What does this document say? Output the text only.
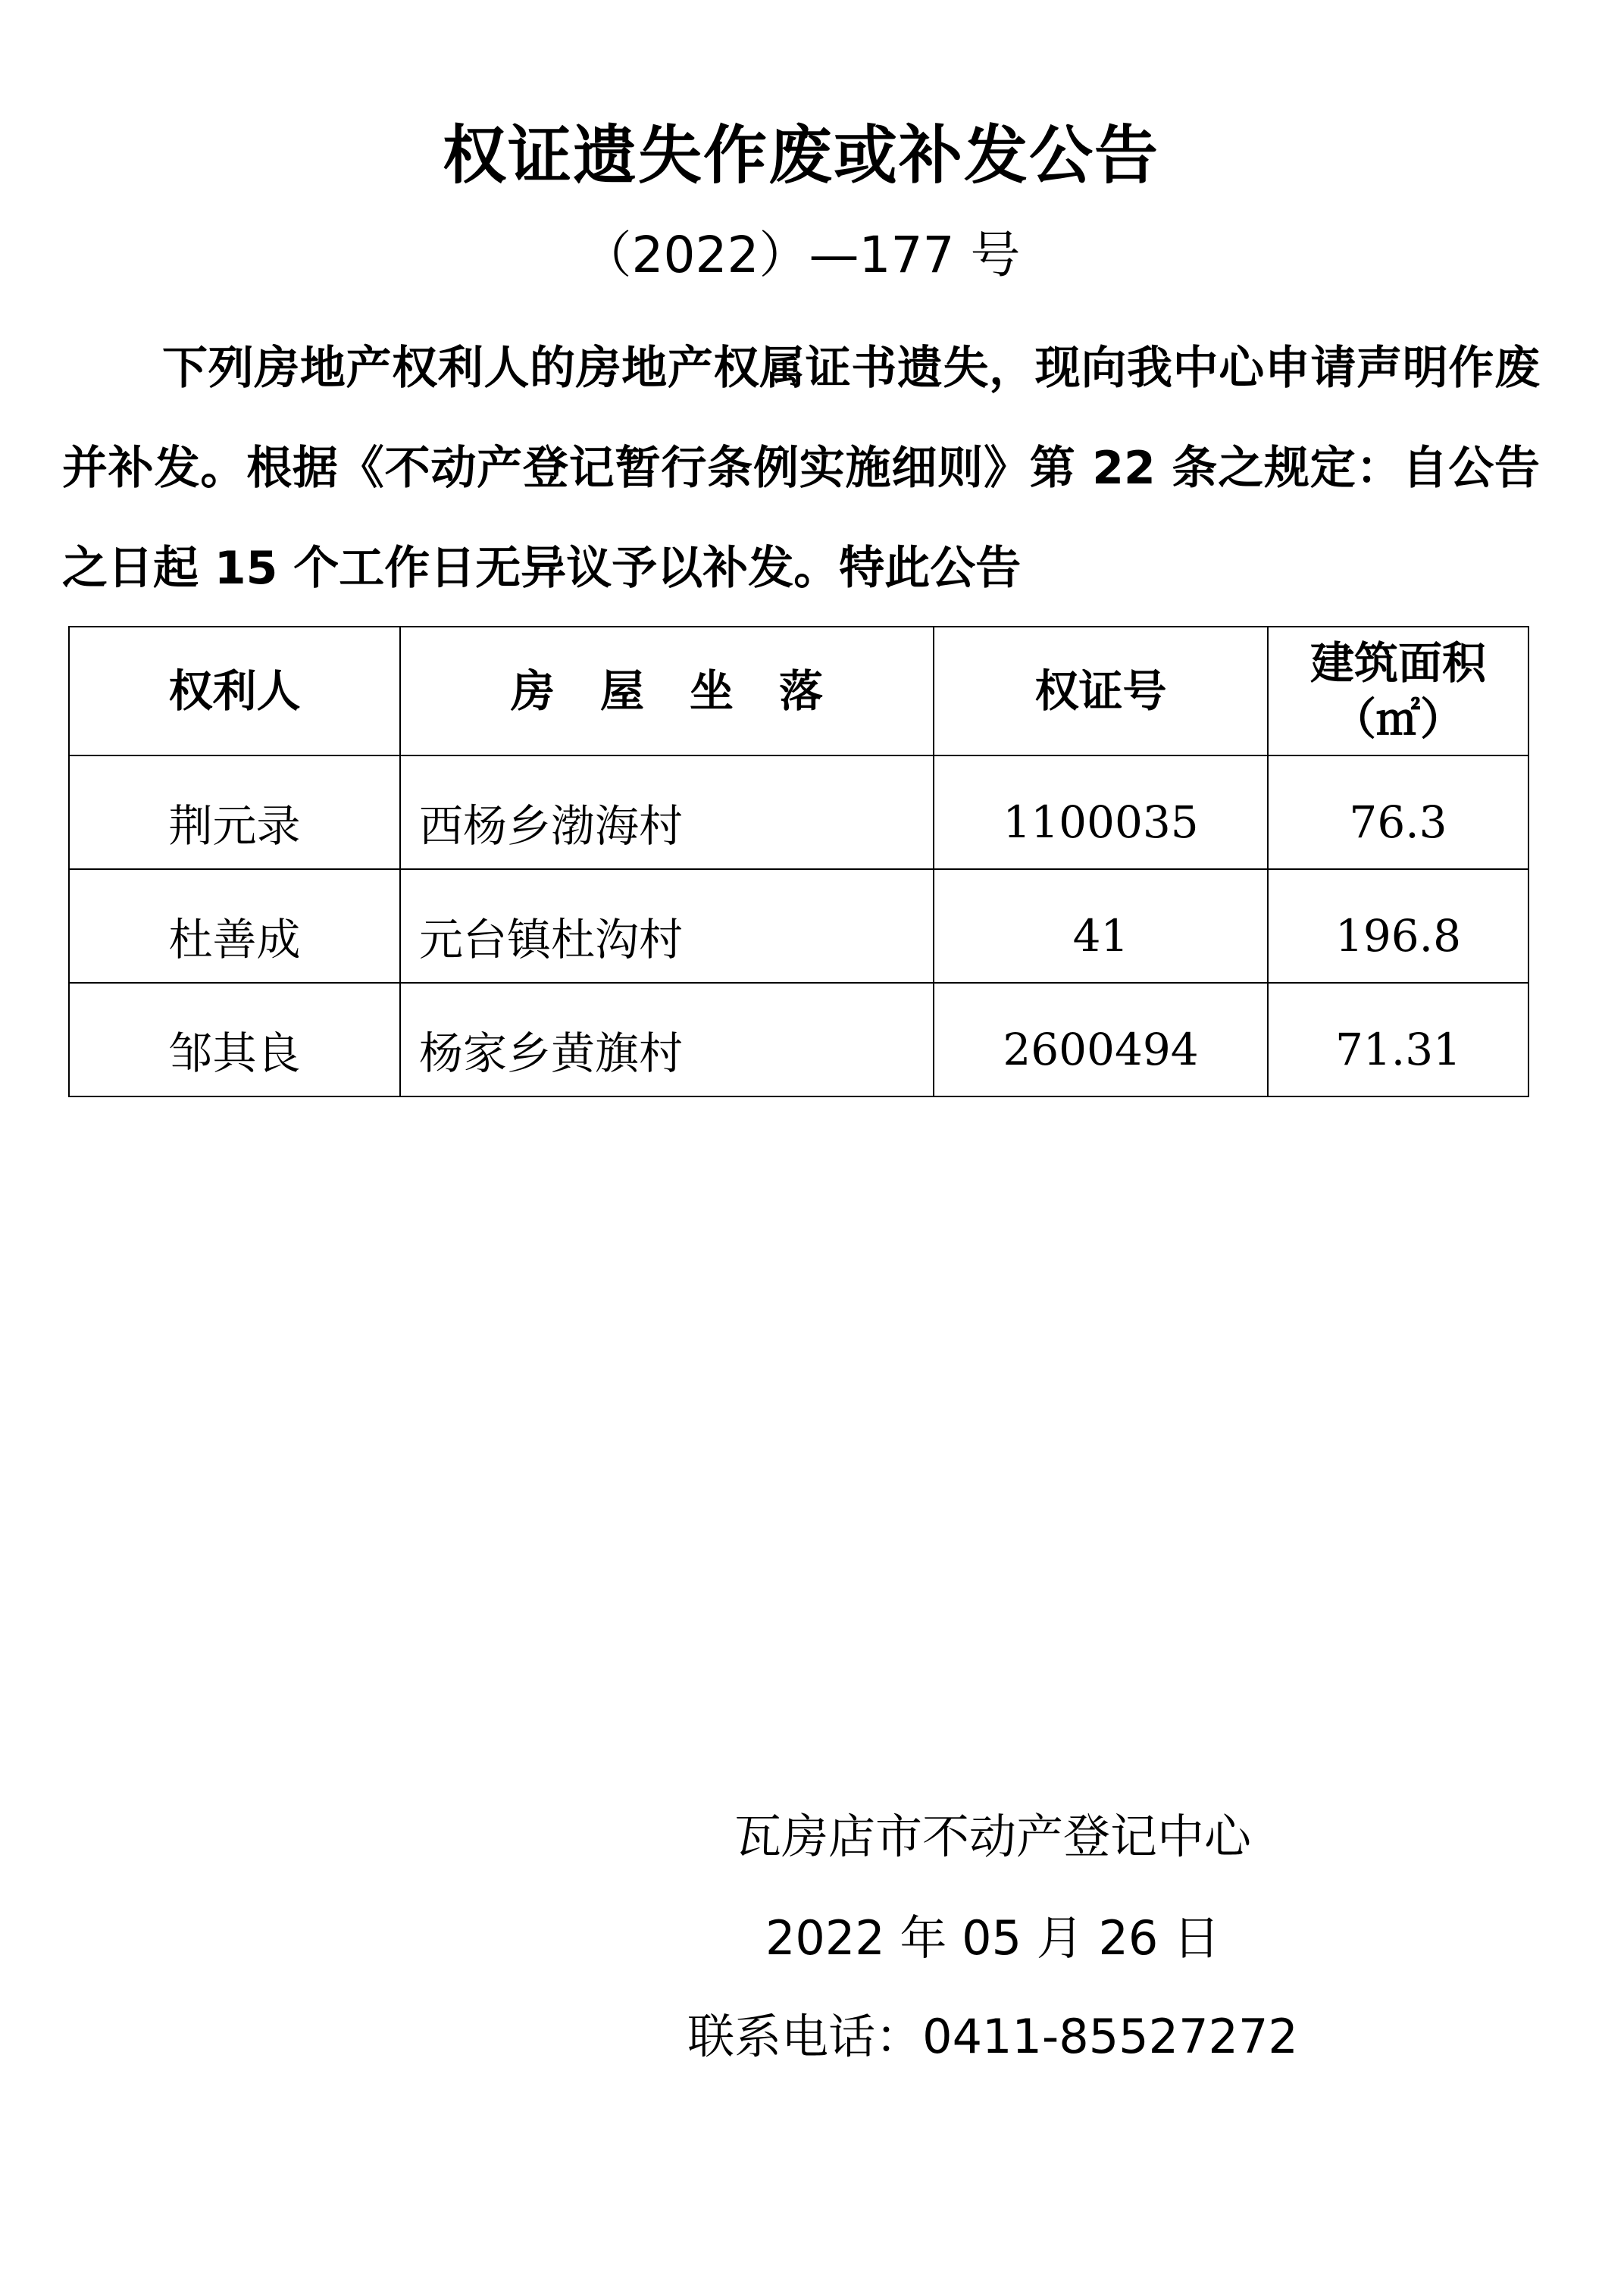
权证遗失作废或补发公告
（2022）—177 号

下列房地产权利人的房地产权属证书遗失，现向我中心申请声明作废并补发。根据《不动产登记暂行条例实施细则》第 22 条之规定：自公告之日起 15 个工作日无异议予以补发。特此公告

权利人	房屋坐落	权证号	建筑面积
（㎡）

荆元录	西杨乡渤海村	1100035	76.3
杜善成	元台镇杜沟村	41	196.8
邹其良	杨家乡黄旗村	2600494	71.31
瓦房店市不动产登记中心
2022 年 05 月 26 日
联系电话：0411-85527272
